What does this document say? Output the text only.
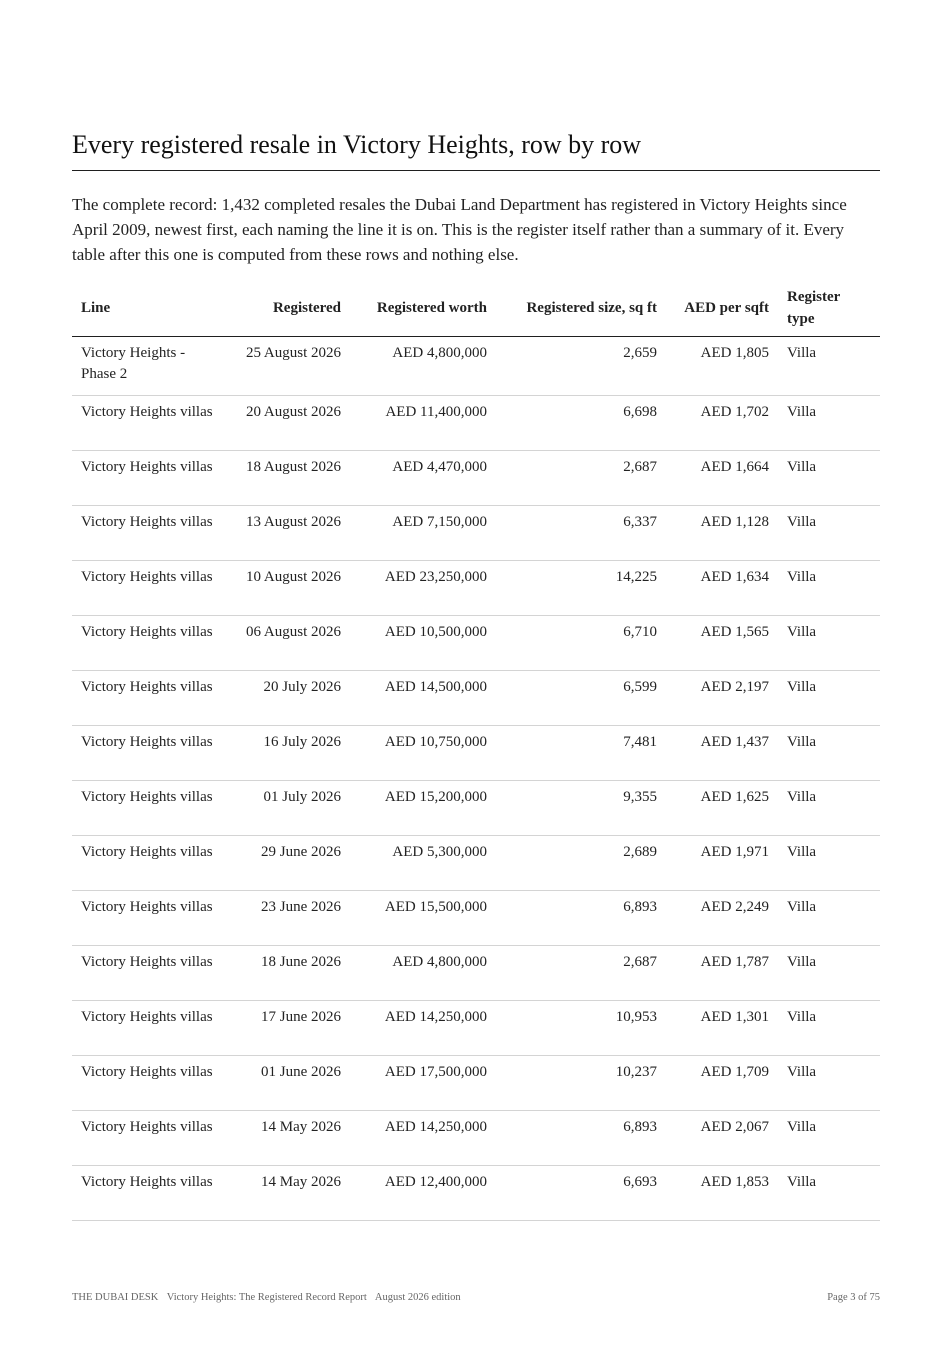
Every registered resale in Victory Heights, row by row

The complete record: 1,432 completed resales the Dubai Land Department has registered in Victory Heights since April 2009, newest first, each naming the line it is on. This is the register itself rather than a summary of it. Every table after this one is computed from these rows and nothing else.

Line	Registered	Registered worth	Registered size, sq ft	AED per sqft	Register type
Victory Heights - Phase 2	25 August 2026	AED 4,800,000	2,659	AED 1,805	Villa
Victory Heights villas	20 August 2026	AED 11,400,000	6,698	AED 1,702	Villa
Victory Heights villas	18 August 2026	AED 4,470,000	2,687	AED 1,664	Villa
Victory Heights villas	13 August 2026	AED 7,150,000	6,337	AED 1,128	Villa
Victory Heights villas	10 August 2026	AED 23,250,000	14,225	AED 1,634	Villa
Victory Heights villas	06 August 2026	AED 10,500,000	6,710	AED 1,565	Villa
Victory Heights villas	20 July 2026	AED 14,500,000	6,599	AED 2,197	Villa
Victory Heights villas	16 July 2026	AED 10,750,000	7,481	AED 1,437	Villa
Victory Heights villas	01 July 2026	AED 15,200,000	9,355	AED 1,625	Villa
Victory Heights villas	29 June 2026	AED 5,300,000	2,689	AED 1,971	Villa
Victory Heights villas	23 June 2026	AED 15,500,000	6,893	AED 2,249	Villa
Victory Heights villas	18 June 2026	AED 4,800,000	2,687	AED 1,787	Villa
Victory Heights villas	17 June 2026	AED 14,250,000	10,953	AED 1,301	Villa
Victory Heights villas	01 June 2026	AED 17,500,000	10,237	AED 1,709	Villa
Victory Heights villas	14 May 2026	AED 14,250,000	6,893	AED 2,067	Villa
Victory Heights villas	14 May 2026	AED 12,400,000	6,693	AED 1,853	Villa
THE DUBAI DESK Victory Heights: The Registered Record Report August 2026 edition	Page 3 of 75
